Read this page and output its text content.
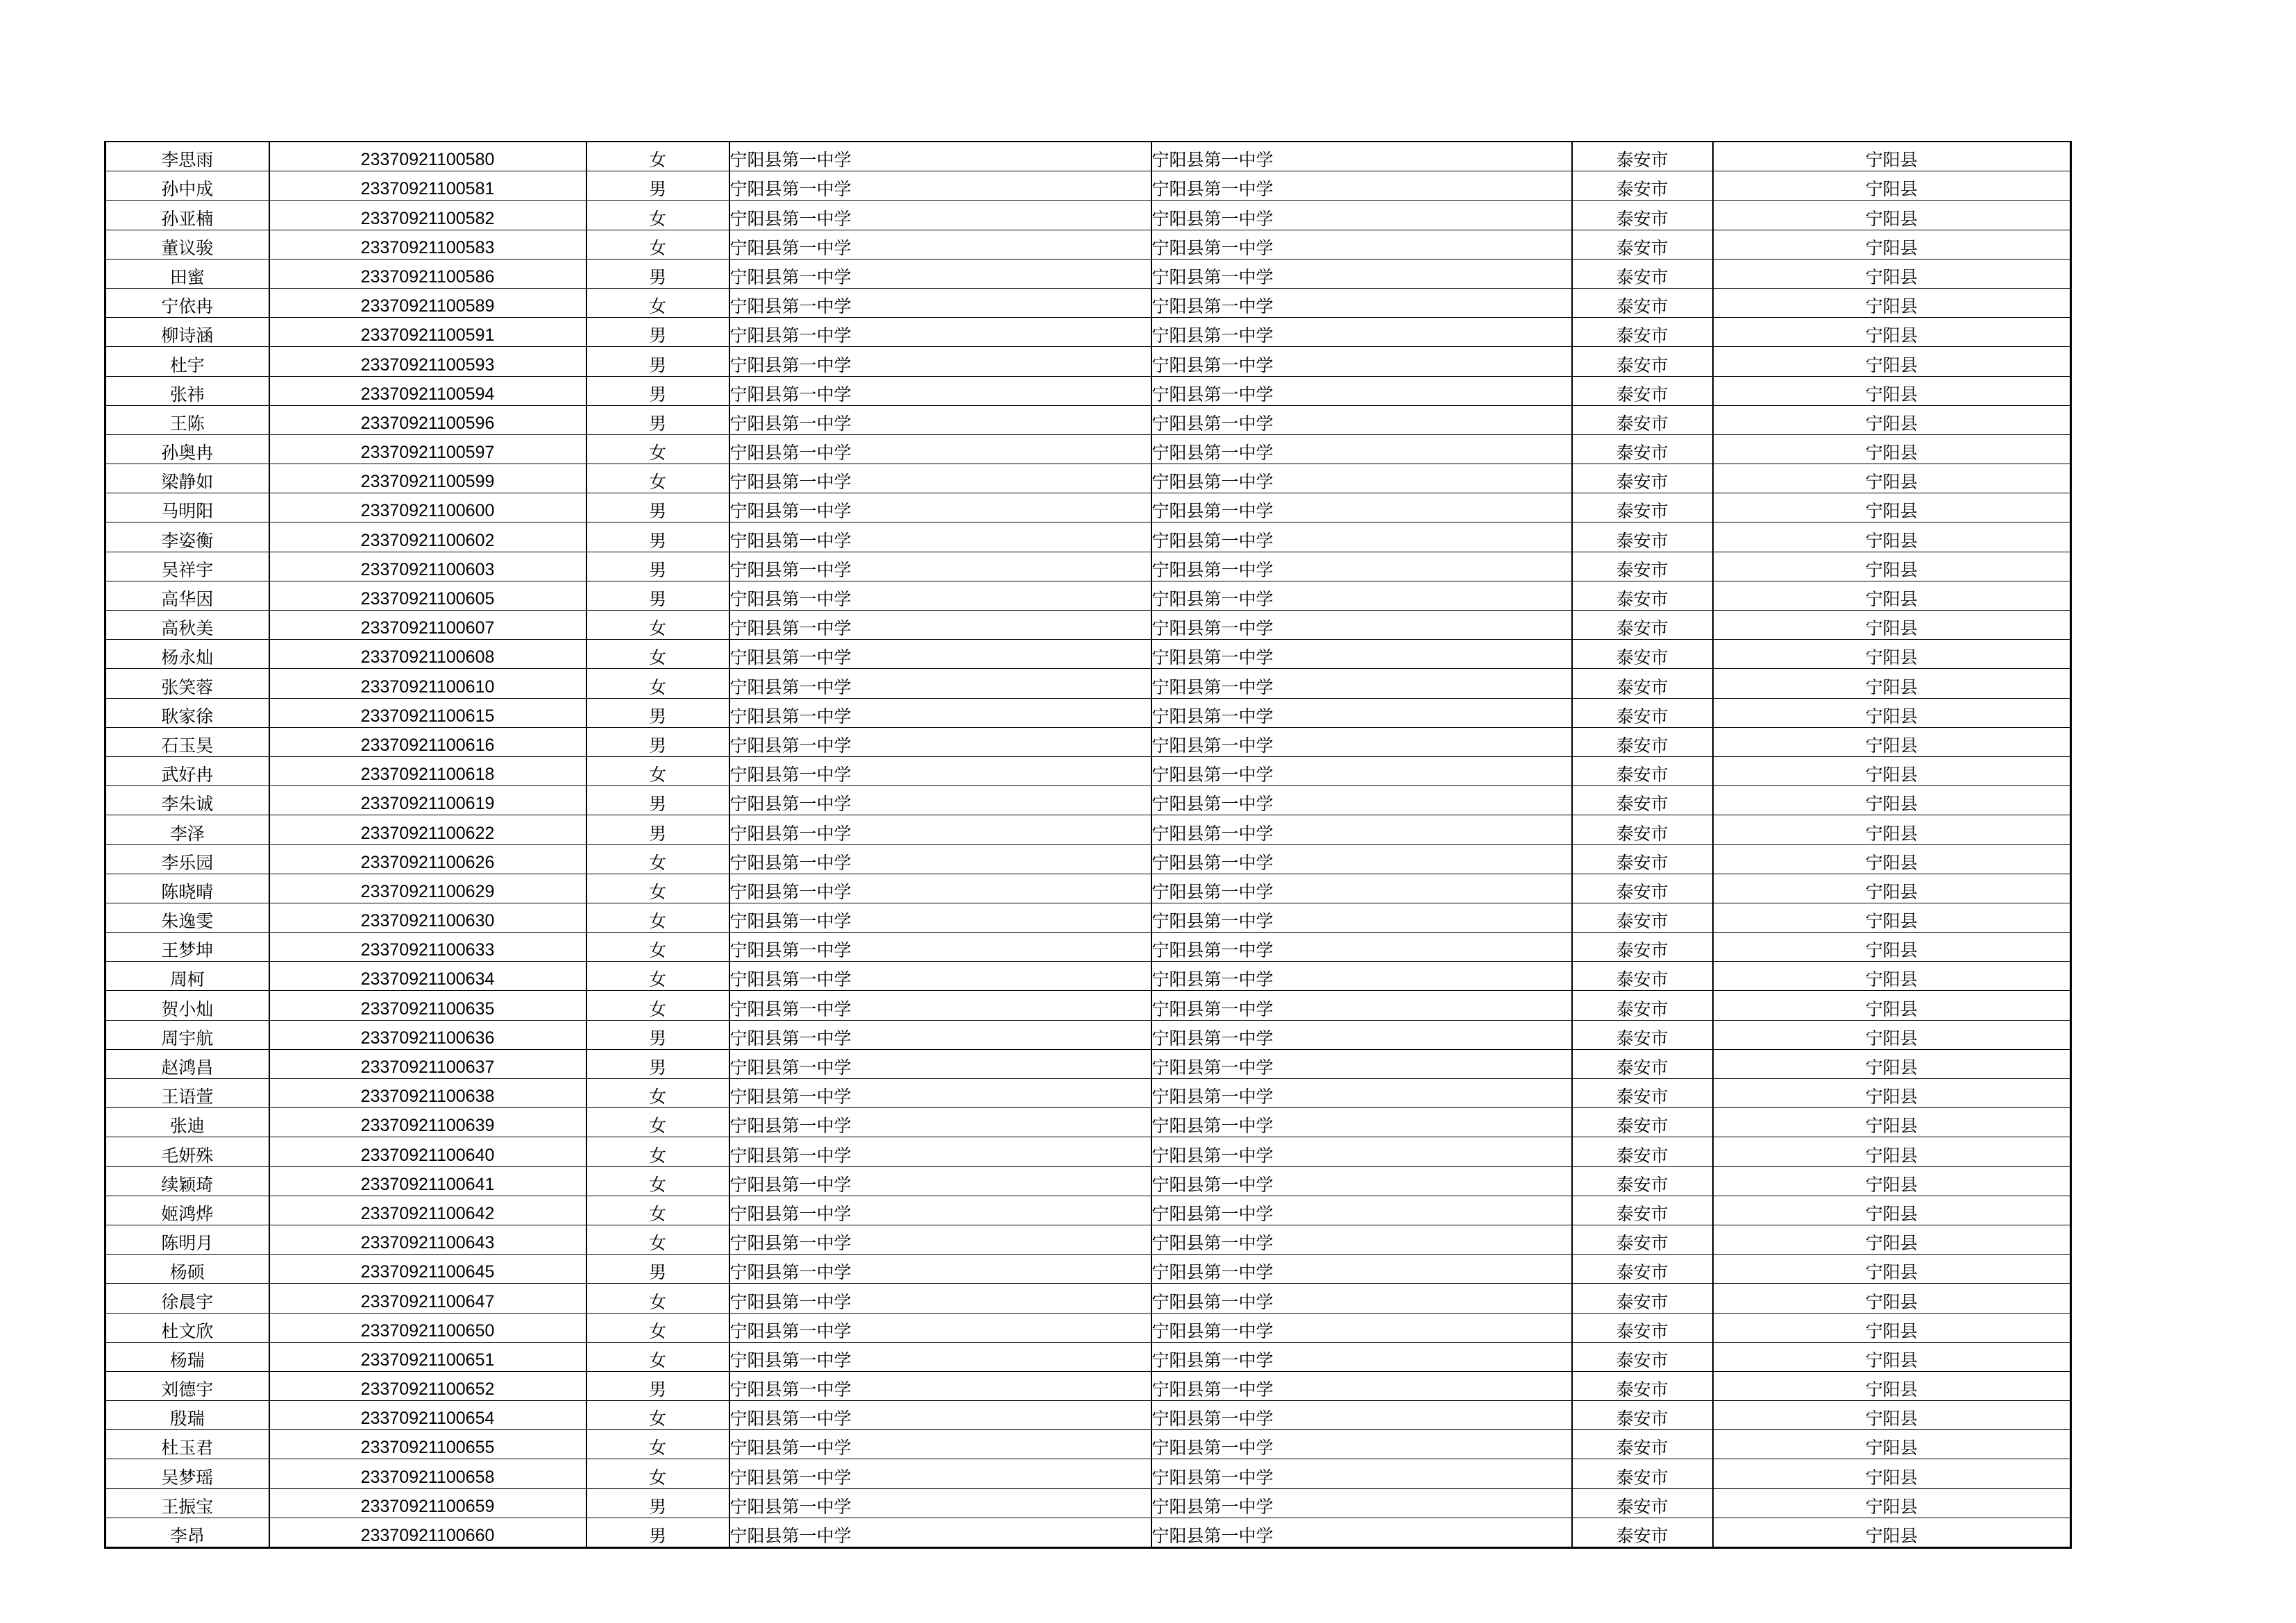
李思雨	23370921100580	女	宁阳县第一中学	宁阳县第一中学	泰安市	宁阳县
孙中成	23370921100581	男	宁阳县第一中学	宁阳县第一中学	泰安市	宁阳县
孙亚楠	23370921100582	女	宁阳县第一中学	宁阳县第一中学	泰安市	宁阳县
董议骏	23370921100583	女	宁阳县第一中学	宁阳县第一中学	泰安市	宁阳县
田蜜	23370921100586	男	宁阳县第一中学	宁阳县第一中学	泰安市	宁阳县
宁依冉	23370921100589	女	宁阳县第一中学	宁阳县第一中学	泰安市	宁阳县
柳诗涵	23370921100591	男	宁阳县第一中学	宁阳县第一中学	泰安市	宁阳县
杜宇	23370921100593	男	宁阳县第一中学	宁阳县第一中学	泰安市	宁阳县
张祎	23370921100594	男	宁阳县第一中学	宁阳县第一中学	泰安市	宁阳县
王陈	23370921100596	男	宁阳县第一中学	宁阳县第一中学	泰安市	宁阳县
孙奥冉	23370921100597	女	宁阳县第一中学	宁阳县第一中学	泰安市	宁阳县
梁静如	23370921100599	女	宁阳县第一中学	宁阳县第一中学	泰安市	宁阳县
马明阳	23370921100600	男	宁阳县第一中学	宁阳县第一中学	泰安市	宁阳县
李姿衡	23370921100602	男	宁阳县第一中学	宁阳县第一中学	泰安市	宁阳县
吴祥宇	23370921100603	男	宁阳县第一中学	宁阳县第一中学	泰安市	宁阳县
高华因	23370921100605	男	宁阳县第一中学	宁阳县第一中学	泰安市	宁阳县
高秋美	23370921100607	女	宁阳县第一中学	宁阳县第一中学	泰安市	宁阳县
杨永灿	23370921100608	女	宁阳县第一中学	宁阳县第一中学	泰安市	宁阳县
张笑蓉	23370921100610	女	宁阳县第一中学	宁阳县第一中学	泰安市	宁阳县
耿家徐	23370921100615	男	宁阳县第一中学	宁阳县第一中学	泰安市	宁阳县
石玉昊	23370921100616	男	宁阳县第一中学	宁阳县第一中学	泰安市	宁阳县
武好冉	23370921100618	女	宁阳县第一中学	宁阳县第一中学	泰安市	宁阳县
李朱诚	23370921100619	男	宁阳县第一中学	宁阳县第一中学	泰安市	宁阳县
李泽	23370921100622	男	宁阳县第一中学	宁阳县第一中学	泰安市	宁阳县
李乐园	23370921100626	女	宁阳县第一中学	宁阳县第一中学	泰安市	宁阳县
陈晓晴	23370921100629	女	宁阳县第一中学	宁阳县第一中学	泰安市	宁阳县
朱逸雯	23370921100630	女	宁阳县第一中学	宁阳县第一中学	泰安市	宁阳县
王梦坤	23370921100633	女	宁阳县第一中学	宁阳县第一中学	泰安市	宁阳县
周柯	23370921100634	女	宁阳县第一中学	宁阳县第一中学	泰安市	宁阳县
贺小灿	23370921100635	女	宁阳县第一中学	宁阳县第一中学	泰安市	宁阳县
周宇航	23370921100636	男	宁阳县第一中学	宁阳县第一中学	泰安市	宁阳县
赵鸿昌	23370921100637	男	宁阳县第一中学	宁阳县第一中学	泰安市	宁阳县
王语萱	23370921100638	女	宁阳县第一中学	宁阳县第一中学	泰安市	宁阳县
张迪	23370921100639	女	宁阳县第一中学	宁阳县第一中学	泰安市	宁阳县
毛妍殊	23370921100640	女	宁阳县第一中学	宁阳县第一中学	泰安市	宁阳县
续颖琦	23370921100641	女	宁阳县第一中学	宁阳县第一中学	泰安市	宁阳县
姬鸿烨	23370921100642	女	宁阳县第一中学	宁阳县第一中学	泰安市	宁阳县
陈明月	23370921100643	女	宁阳县第一中学	宁阳县第一中学	泰安市	宁阳县
杨硕	23370921100645	男	宁阳县第一中学	宁阳县第一中学	泰安市	宁阳县
徐晨宇	23370921100647	女	宁阳县第一中学	宁阳县第一中学	泰安市	宁阳县
杜文欣	23370921100650	女	宁阳县第一中学	宁阳县第一中学	泰安市	宁阳县
杨瑞	23370921100651	女	宁阳县第一中学	宁阳县第一中学	泰安市	宁阳县
刘德宇	23370921100652	男	宁阳县第一中学	宁阳县第一中学	泰安市	宁阳县
殷瑞	23370921100654	女	宁阳县第一中学	宁阳县第一中学	泰安市	宁阳县
杜玉君	23370921100655	女	宁阳县第一中学	宁阳县第一中学	泰安市	宁阳县
吴梦瑶	23370921100658	女	宁阳县第一中学	宁阳县第一中学	泰安市	宁阳县
王振宝	23370921100659	男	宁阳县第一中学	宁阳县第一中学	泰安市	宁阳县
李昂	23370921100660	男	宁阳县第一中学	宁阳县第一中学	泰安市	宁阳县
